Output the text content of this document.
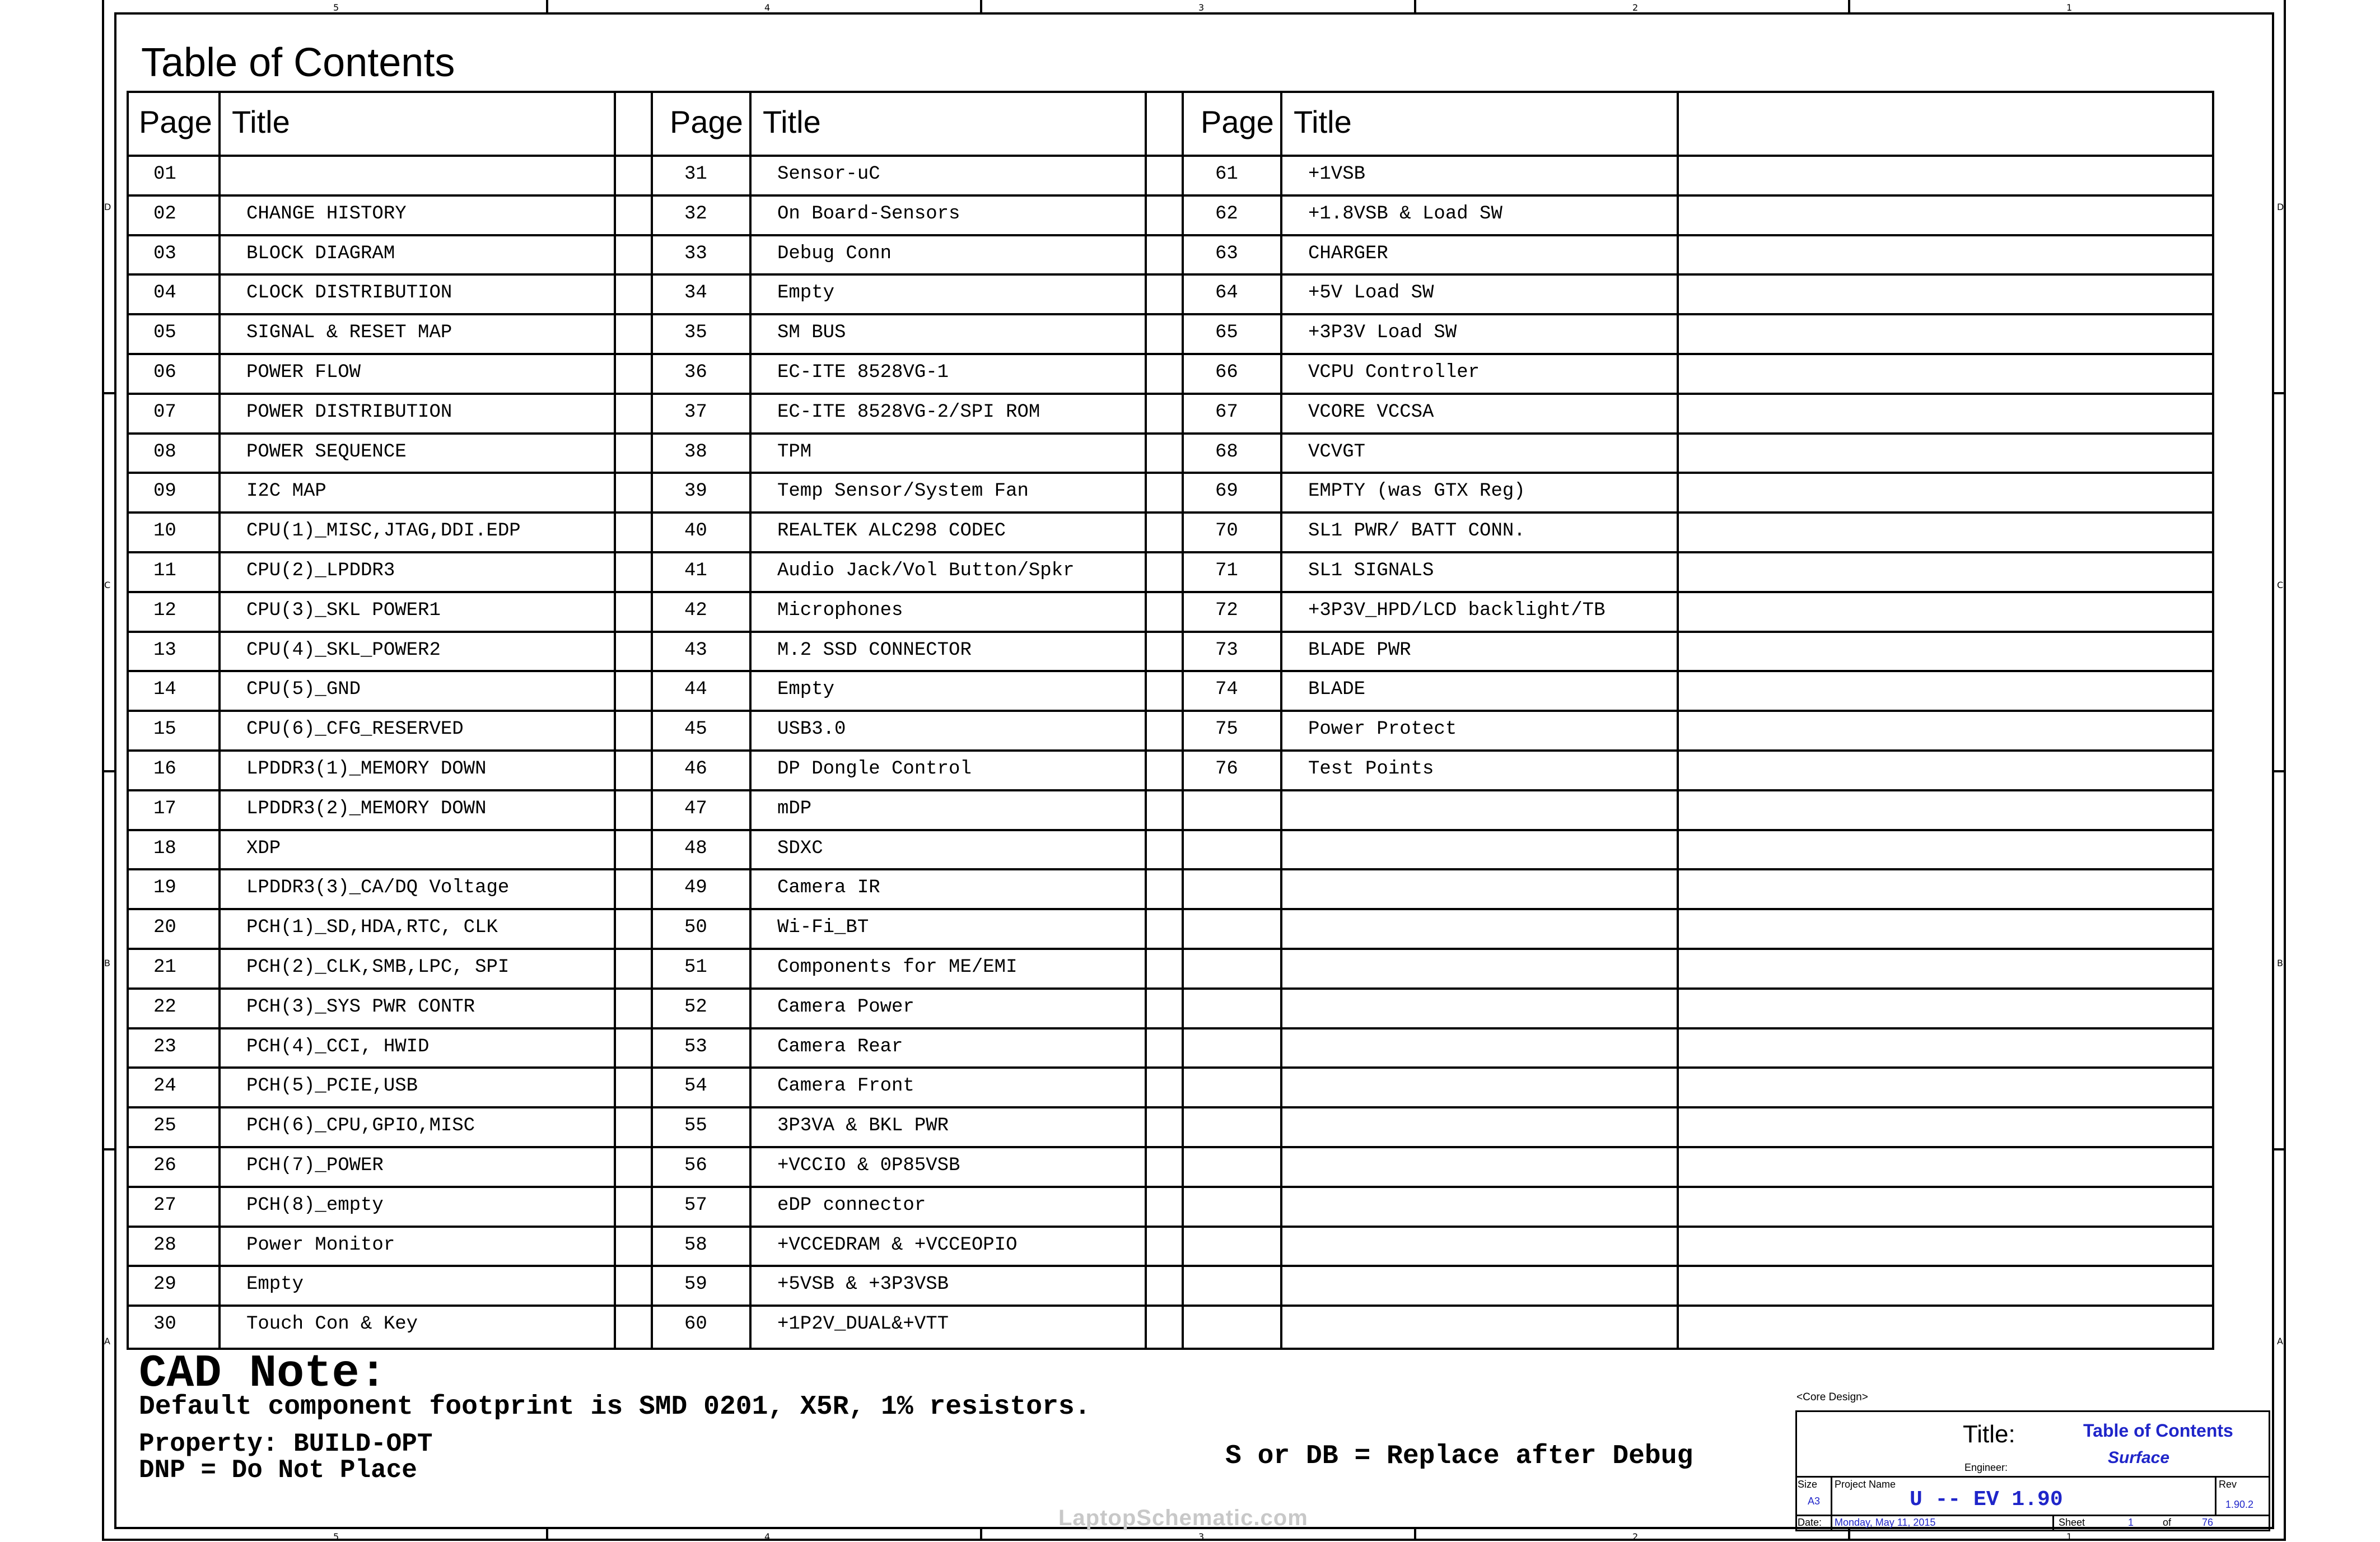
5
5
4
4
3
3
2
2
1
1
D	D
C	C
B	B
A	A
Table of Contents
Page Title	Page Title	Page Title
01
02	CHANGE HISTORY
03	BLOCK DIAGRAM
04	CLOCK DISTRIBUTION
05	SIGNAL & RESET MAP
06	POWER FLOW
07	POWER DISTRIBUTION
08	POWER SEQUENCE
09	I2C MAP
10	CPU(1)_MISC,JTAG,DDI.EDP
11	CPU(2)_LPDDR3
12	CPU(3)_SKL POWER1
13	CPU(4)_SKL_POWER2
14	CPU(5)_GND
15	CPU(6)_CFG_RESERVED
16	LPDDR3(1)_MEMORY DOWN
17	LPDDR3(2)_MEMORY DOWN
18	XDP
19	LPDDR3(3)_CA/DQ Voltage
20	PCH(1)_SD,HDA,RTC, CLK
21	PCH(2)_CLK,SMB,LPC, SPI
22	PCH(3)_SYS PWR CONTR
23	PCH(4)_CCI, HWID
24	PCH(5)_PCIE,USB
25	PCH(6)_CPU,GPIO,MISC
26	PCH(7)_POWER
27	PCH(8)_empty
28	Power Monitor
29	Empty
30	Touch Con & Key
31	Sensor-uC
32	On Board-Sensors
33	Debug Conn
34	Empty
35	SM BUS
36	EC-ITE 8528VG-1
37	EC-ITE 8528VG-2/SPI ROM
38	TPM
39	Temp Sensor/System Fan
40	REALTEK ALC298 CODEC
41	Audio Jack/Vol Button/Spkr
42	Microphones
43	M.2 SSD CONNECTOR
44	Empty
45	USB3.0
46	DP Dongle Control
47	mDP
48	SDXC
49	Camera IR
50	Wi-Fi_BT
51	Components for ME/EMI
52	Camera Power
53	Camera Rear
54	Camera Front
55	3P3VA & BKL PWR
56	+VCCIO & 0P85VSB
57	eDP connector
58	+VCCEDRAM & +VCCEOPIO
59	+5VSB & +3P3VSB
60	+1P2V_DUAL&+VTT
61	+1VSB
62	+1.8VSB & Load SW
63	CHARGER
64	+5V Load SW
65	+3P3V Load SW
66	VCPU Controller
67	VCORE VCCSA
68	VCVGT
69	EMPTY (was GTX Reg)
70	SL1 PWR/ BATT CONN.
71	SL1 SIGNALS
72	+3P3V_HPD/LCD backlight/TB
73	BLADE PWR
74	BLADE
75	Power Protect
76	Test Points
CAD Note:
Default component footprint is SMD 0201, X5R, 1% resistors.
Property: BUILD-OPT
DNP = Do Not Place	S or DB = Replace after Debug
LaptopSchematic.com
<Core Design>
Title:	Table of Contents
Engineer:
Surface
Size
A3
Project Name
U -- EV 1.90
Rev
1.90.2
Date: Monday, May 11, 2015	Sheet	1	of	76
